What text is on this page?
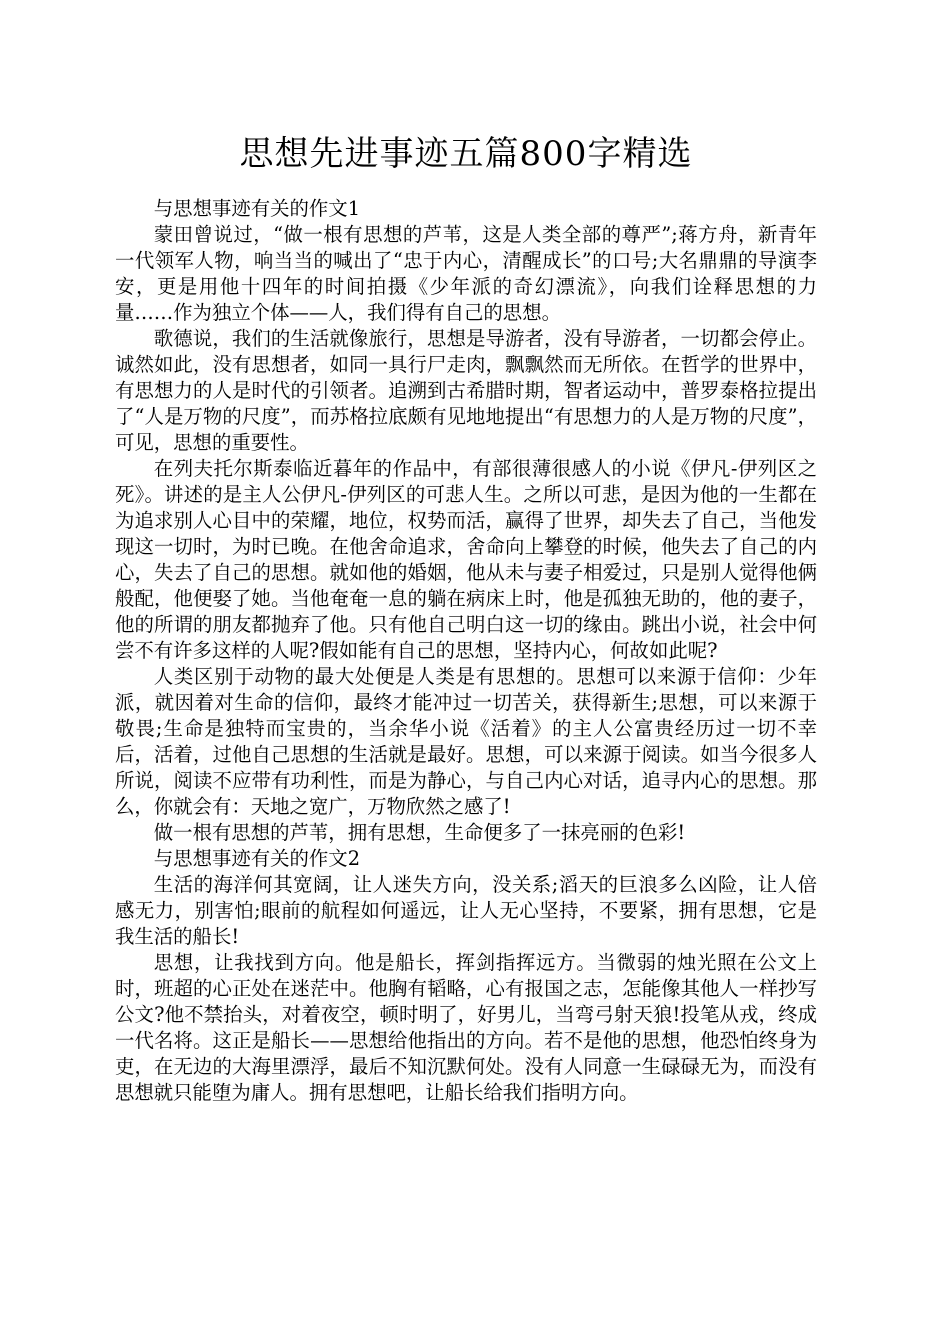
思想先进事迹五篇800字精选

与思想事迹有关的作文1

蒙田曾说过，“做一根有思想的芦苇，这是人类全部的尊严”;蒋方舟，新青年一代领军人物，响当当的喊出了“忠于内心，清醒成长”的口号;大名鼎鼎的导演李安，更是用他十四年的时间拍摄《少年派的奇幻漂流》，向我们诠释思想的力量……作为独立个体——人，我们得有自己的思想。

歌德说，我们的生活就像旅行，思想是导游者，没有导游者，一切都会停止。诚然如此，没有思想者，如同一具行尸走肉，飘飘然而无所依。在哲学的世界中，有思想力的人是时代的引领者。追溯到古希腊时期，智者运动中，普罗泰格拉提出了“人是万物的尺度”，而苏格拉底颇有见地地提出“有思想力的人是万物的尺度”，可见，思想的重要性。

在列夫托尔斯泰临近暮年的作品中，有部很薄很感人的小说《伊凡-伊列区之死》。讲述的是主人公伊凡-伊列区的可悲人生。之所以可悲，是因为他的一生都在为追求别人心目中的荣耀，地位，权势而活，赢得了世界，却失去了自己，当他发现这一切时，为时已晚。在他舍命追求，舍命向上攀登的时候，他失去了自己的内心，失去了自己的思想。就如他的婚姻，他从未与妻子相爱过，只是别人觉得他俩般配，他便娶了她。当他奄奄一息的躺在病床上时，他是孤独无助的，他的妻子，他的所谓的朋友都抛弃了他。只有他自己明白这一切的缘由。跳出小说，社会中何尝不有许多这样的人呢?假如能有自己的思想，坚持内心，何故如此呢?

人类区别于动物的最大处便是人类是有思想的。思想可以来源于信仰：少年派，就因着对生命的信仰，最终才能冲过一切苦关，获得新生;思想，可以来源于敬畏;生命是独特而宝贵的，当余华小说《活着》的主人公富贵经历过一切不幸后，活着，过他自己思想的生活就是最好。思想，可以来源于阅读。如当今很多人所说，阅读不应带有功利性，而是为静心，与自己内心对话，追寻内心的思想。那么，你就会有：天地之宽广，万物欣然之感了!

做一根有思想的芦苇，拥有思想，生命便多了一抹亮丽的色彩!

与思想事迹有关的作文2

生活的海洋何其宽阔，让人迷失方向，没关系;滔天的巨浪多么凶险，让人倍感无力，别害怕;眼前的航程如何遥远，让人无心坚持，不要紧，拥有思想，它是我生活的船长!

思想，让我找到方向。他是船长，挥剑指挥远方。当微弱的烛光照在公文上时，班超的心正处在迷茫中。他胸有韬略，心有报国之志，怎能像其他人一样抄写公文?他不禁抬头，对着夜空，顿时明了，好男儿，当弯弓射天狼!投笔从戎，终成一代名将。这正是船长——思想给他指出的方向。若不是他的思想，他恐怕终身为吏，在无边的大海里漂浮，最后不知沉默何处。没有人同意一生碌碌无为，而没有思想就只能堕为庸人。拥有思想吧，让船长给我们指明方向。
